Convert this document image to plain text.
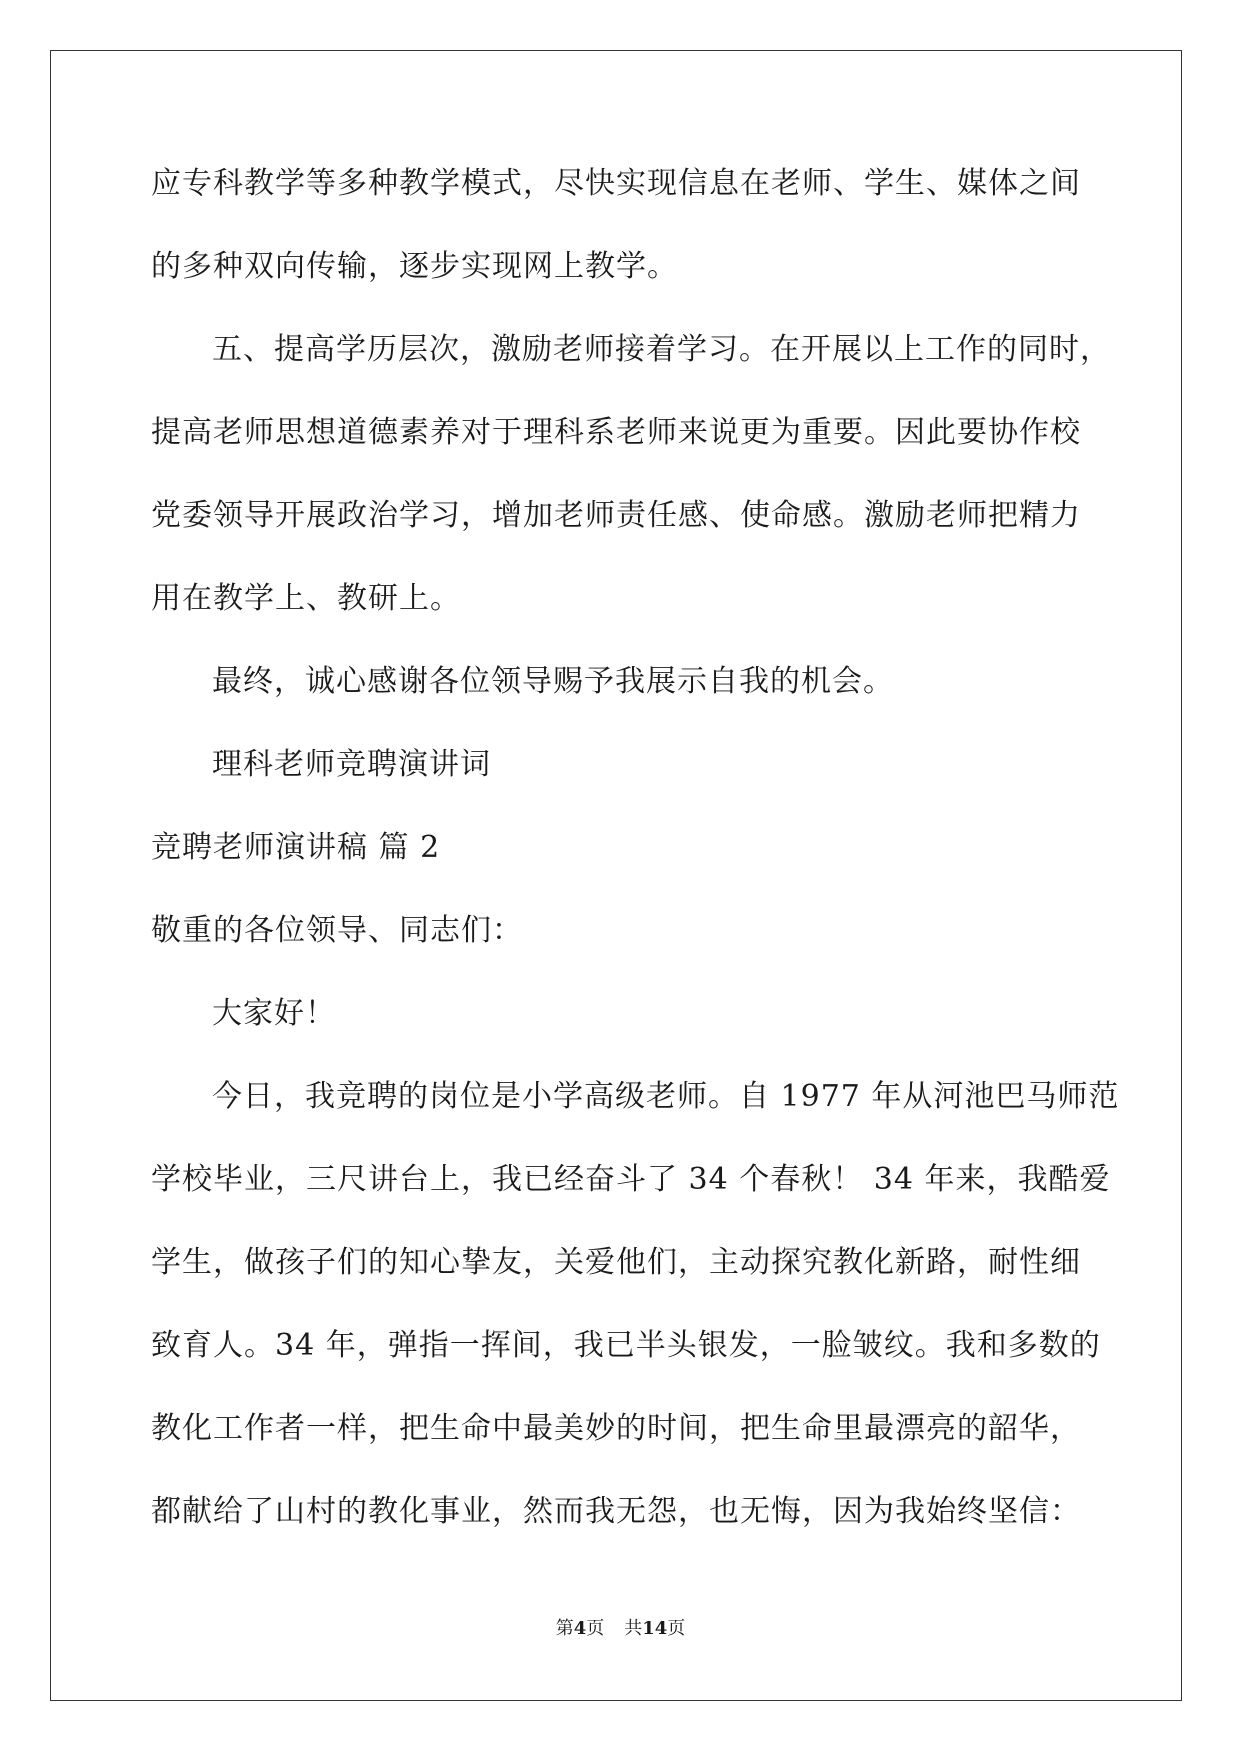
应专科教学等多种教学模式，尽快实现信息在老师、学生、媒体之间
的多种双向传输，逐步实现网上教学。
五、提高学历层次，激励老师接着学习。在开展以上工作的同时，
提高老师思想道德素养对于理科系老师来说更为重要。因此要协作校
党委领导开展政治学习，增加老师责任感、使命感。激励老师把精力
用在教学上、教研上。
最终，诚心感谢各位领导赐予我展示自我的机会。
理科老师竞聘演讲词
竞聘老师演讲稿 篇 2
敬重的各位领导、同志们：
大家好！
今日，我竞聘的岗位是小学高级老师。自 1977 年从河池巴马师范
学校毕业，三尺讲台上，我已经奋斗了 34 个春秋！ 34 年来，我酷爱
学生，做孩子们的知心挚友，关爱他们，主动探究教化新路，耐性细
致育人。34 年，弹指一挥间，我已半头银发，一脸皱纹。我和多数的
教化工作者一样，把生命中最美妙的时间，把生命里最漂亮的韶华，
都献给了山村的教化事业，然而我无怨，也无悔，因为我始终坚信：
第4页 共14页
